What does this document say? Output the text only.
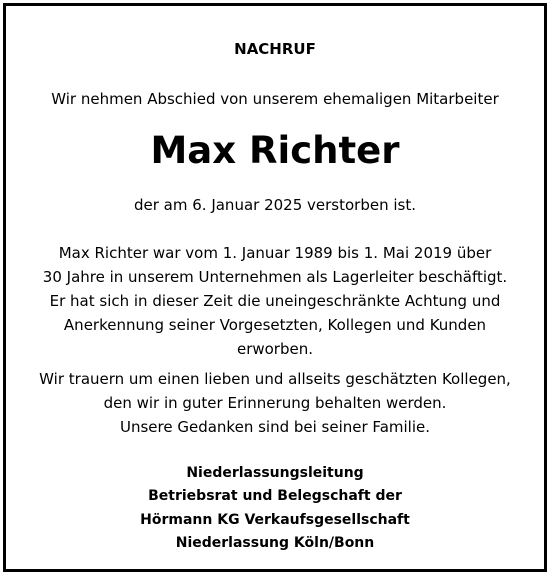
NACHRUF
Wir nehmen Abschied von unserem ehemaligen Mitarbeiter
Max Richter
der am 6. Januar 2025 verstorben ist.
Max Richter war vom 1. Januar 1989 bis 1. Mai 2019 über
30 Jahre in unserem Unternehmen als Lagerleiter beschäftigt.
Er hat sich in dieser Zeit die uneingeschränkte Achtung und
Anerkennung seiner Vorgesetzten, Kollegen und Kunden
erworben.
Wir trauern um einen lieben und allseits geschätzten Kollegen,
den wir in guter Erinnerung behalten werden.
Unsere Gedanken sind bei seiner Familie.
Niederlassungsleitung
Betriebsrat und Belegschaft der
Hörmann KG Verkaufsgesellschaft
Niederlassung Köln/Bonn
